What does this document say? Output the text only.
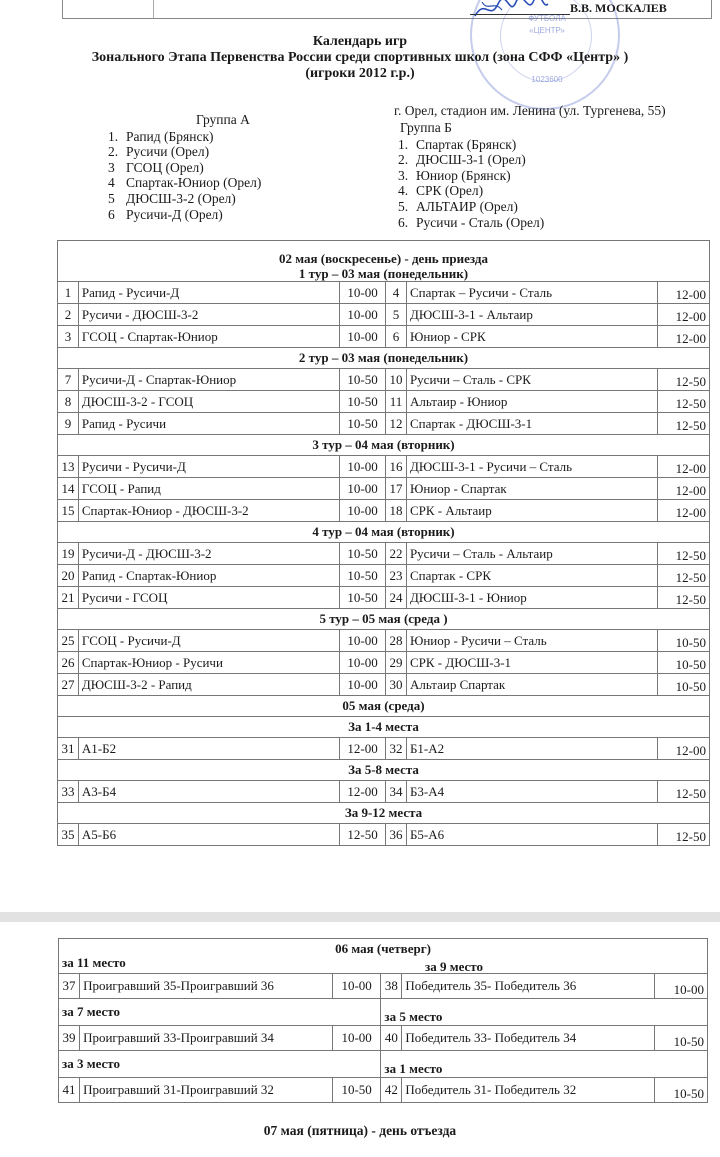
ФУТБОЛА
«ЦЕНТР»
1023600
В.В. МОСКАЛЕВ
Календарь игр
Зонального Этапа Первенства России среди спортивных школ (зона СФФ «Центр» )
(игроки 2012 г.р.)
г. Орел, стадион им. Ленина (ул. Тургенева, 55)
Группа А
1. Рапид (Брянск)
2. Русичи (Орел)
3 ГСОЦ (Орел)
4 Спартак-Юниор (Орел)
5 ДЮСШ-3-2 (Орел)
6 Русичи-Д (Орел)
Группа Б
1. Спартак (Брянск)
2. ДЮСШ-3-1 (Орел)
3. Юниор (Брянск)
4. СРК (Орел)
5. АЛЬТАИР (Орел)
6. Русичи - Сталь (Орел)
02 мая (воскресенье) - день приезда
1 тур – 03 мая (понедельник)					

1	Рапид - Русичи-Д	10-00	4	Спартак – Русичи - Сталь	12-00
2	Русичи - ДЮСШ-3-2	10-00	5	ДЮСШ-3-1 - Альтаир	12-00
3	ГСОЦ - Спартак-Юниор	10-00	6	Юниор - СРК	12-00
2 тур – 03 мая (понедельник)					
7	Русичи-Д - Спартак-Юниор	10-50	10	Русичи – Сталь - СРК	12-50
8	ДЮСШ-3-2 - ГСОЦ	10-50	11	Альтаир - Юниор	12-50
9	Рапид - Русичи	10-50	12	Спартак - ДЮСШ-3-1	12-50
3 тур – 04 мая (вторник)					
13	Русичи - Русичи-Д	10-00	16	ДЮСШ-3-1 - Русичи – Сталь	12-00
14	ГСОЦ - Рапид	10-00	17	Юниор - Спартак	12-00
15	Спартак-Юниор - ДЮСШ-3-2	10-00	18	СРК - Альтаир	12-00
4 тур – 04 мая (вторник)					
19	Русичи-Д - ДЮСШ-3-2	10-50	22	Русичи – Сталь - Альтаир	12-50
20	Рапид - Спартак-Юниор	10-50	23	Спартак - СРК	12-50
21	Русичи - ГСОЦ	10-50	24	ДЮСШ-3-1 - Юниор	12-50
5 тур – 05 мая (среда )					
25	ГСОЦ - Русичи-Д	10-00	28	Юниор - Русичи – Сталь	10-50
26	Спартак-Юниор - Русичи	10-00	29	СРК - ДЮСШ-3-1	10-50
27	ДЮСШ-3-2 - Рапид	10-00	30	Альтаир Спартак	10-50
05 мая (среда)					
За 1-4 места					
31	А1-Б2	12-00	32	Б1-А2	12-00
За 5-8 места					
33	А3-Б4	12-00	34	Б3-А4	12-50
За 9-12 места					
35	А5-Б6	12-50	36	Б5-А6	12-50
06 мая (четверг)
за 11 место за 9 место					

37	Проигравший 35-Проигравший 36	10-00	38	Победитель 35- Победитель 36	10-00
за 7 место			за 5 место		
39	Проигравший 33-Проигравший 34	10-00	40	Победитель 33- Победитель 34	10-50
за 3 место			за 1 место		
41	Проигравший 31-Проигравший 32	10-50	42	Победитель 31- Победитель 32	10-50
07 мая (пятница) - день отъезда
